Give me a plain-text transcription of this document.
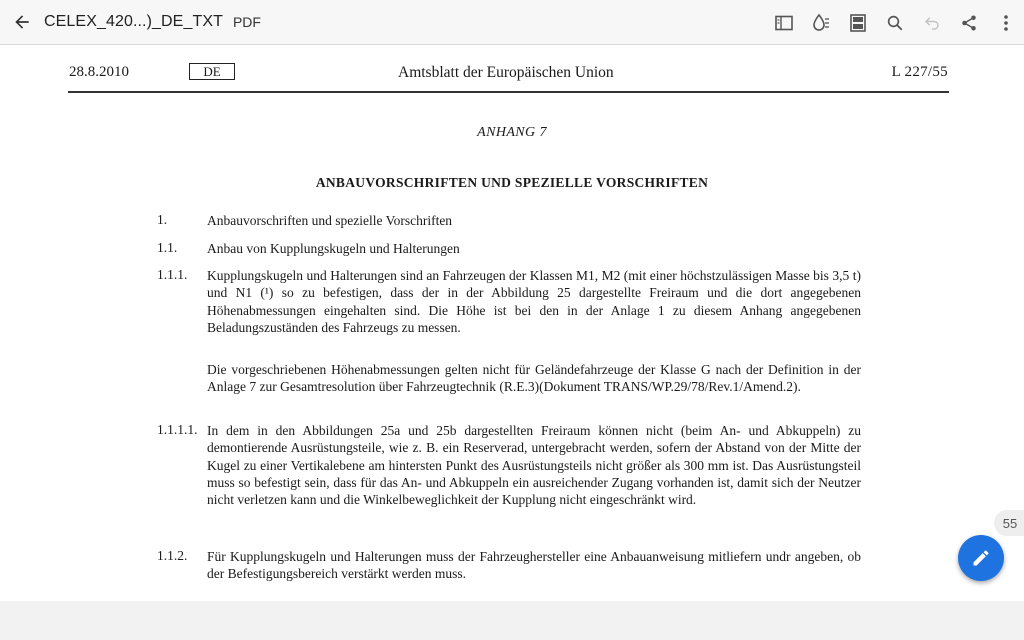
CELEX_420...)_DE_TXT PDF
28.8.2010	DE	Amtsblatt der Europäischen Union	L 227/55
ANHANG 7
ANBAUVORSCHRIFTEN UND SPEZIELLE VORSCHRIFTEN
1.	Anbauvorschriften und spezielle Vorschriften
1.1. Anbau von Kupplungskugeln und Halterungen
1.1.1. Kupplungskugeln und Halterungen sind an Fahrzeugen der Klassen M1, M2 (mit einer höchstzulässigen Masse bis 3,5 t) und N1 (¹) so zu befestigen, dass der in der Abbildung 25 dargestellte Freiraum und die dort angegebenen Höhenabmessungen eingehalten sind. Die Höhe ist bei den in der Anlage 1 zu diesem Anhang angegebenen Beladungszuständen des Fahrzeugs zu messen.
Die vorgeschriebenen Höhenabmessungen gelten nicht für Geländefahrzeuge der Klasse G nach der Definition in der Anlage 7 zur Gesamtresolution über Fahrzeugtechnik (R.E.3)(Dokument TRANS/WP.29/78/Rev.1/Amend.2).
1.1.1.1. In dem in den Abbildungen 25a und 25b dargestellten Freiraum können nicht (beim An- und Abkuppeln) zu demontierende Ausrüstungsteile, wie z. B. ein Reserverad, untergebracht werden, sofern der Abstand von der Mitte der Kugel zu einer Vertikalebene am hintersten Punkt des Ausrüstungsteils nicht größer als 300 mm ist. Das Ausrüstungsteil muss so befestigt sein, dass für das An- und Abkuppeln ein ausreichender Zugang vorhanden ist, damit sich der Neutzer nicht verletzen kann und die Winkelbeweglichkeit der Kupplung nicht eingeschränkt wird.
1.1.2. Für Kupplungskugeln und Halterungen muss der Fahrzeughersteller eine Anbauanweisung mitliefern undr angeben, ob der Befestigungsbereich verstärkt werden muss.
55
